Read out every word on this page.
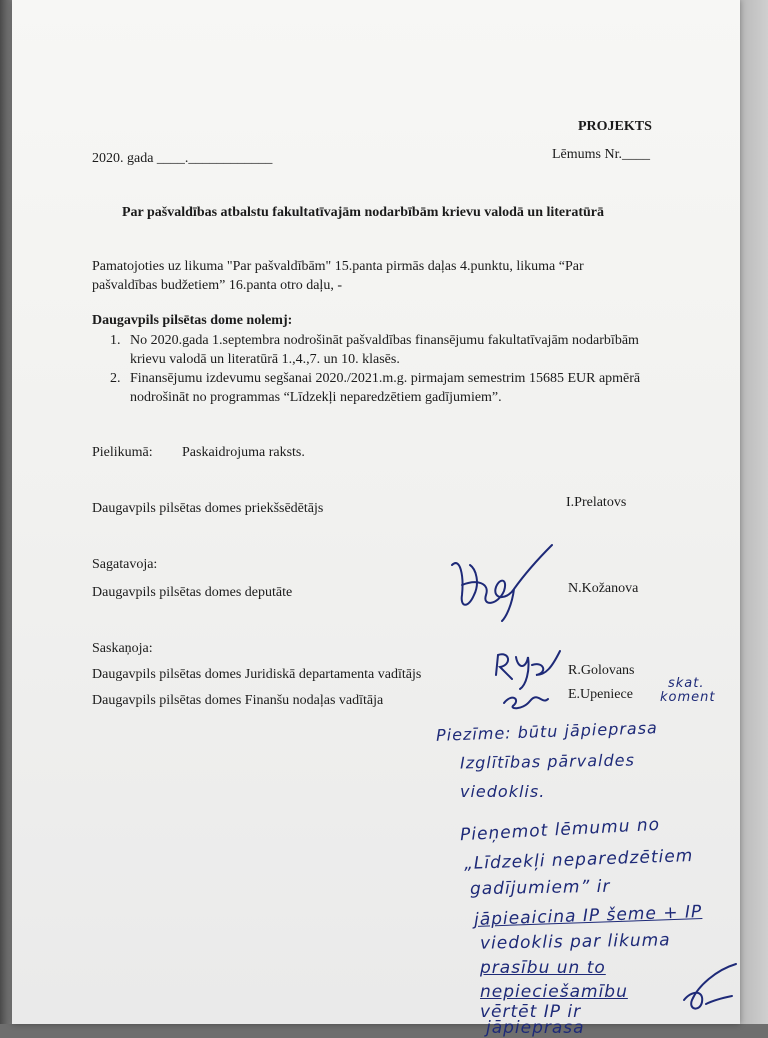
PROJEKTS
2020. gada ____.____________	Lēmums Nr.____
Par pašvaldības atbalstu fakultatīvajām nodarbībām krievu valodā un literatūrā
Pamatojoties uz likuma "Par pašvaldībām" 15.panta pirmās daļas 4.punktu, likuma “Par
pašvaldības budžetiem” 16.panta otro daļu, -
Daugavpils pilsētas dome nolemj:
1. No 2020.gada 1.septembra nodrošināt pašvaldības finansējumu fakultatīvajām nodarbībām
krievu valodā un literatūrā 1.,4.,7. un 10. klasēs.
2. Finansējumu izdevumu segšanai 2020./2021.m.g. pirmajam semestrim 15685 EUR apmērā
nodrošināt no programmas “Līdzekļi neparedzētiem gadījumiem”.
Pielikumā: Paskaidrojuma raksts.
Daugavpils pilsētas domes priekšsēdētājs	I.Prelatovs
Sagatavoja:
Daugavpils pilsētas domes deputāte	N.Kožanova
Saskaņoja:
Daugavpils pilsētas domes Juridiskā departamenta vadītājs	R.Golovans
Daugavpils pilsētas domes Finanšu nodaļas vadītāja	E.Upeniece
skat.
koment
Piezīme: būtu jāpieprasa
Izglītības pārvaldes
viedoklis.
Pieņemot lēmumu no
„Līdzekļi neparedzētiem
gadījumiem” ir
jāpieaicina IP šeme + IP
viedoklis par likuma
prasību un to
nepieciešamību
vērtēt IP ir
jāpieprasa
